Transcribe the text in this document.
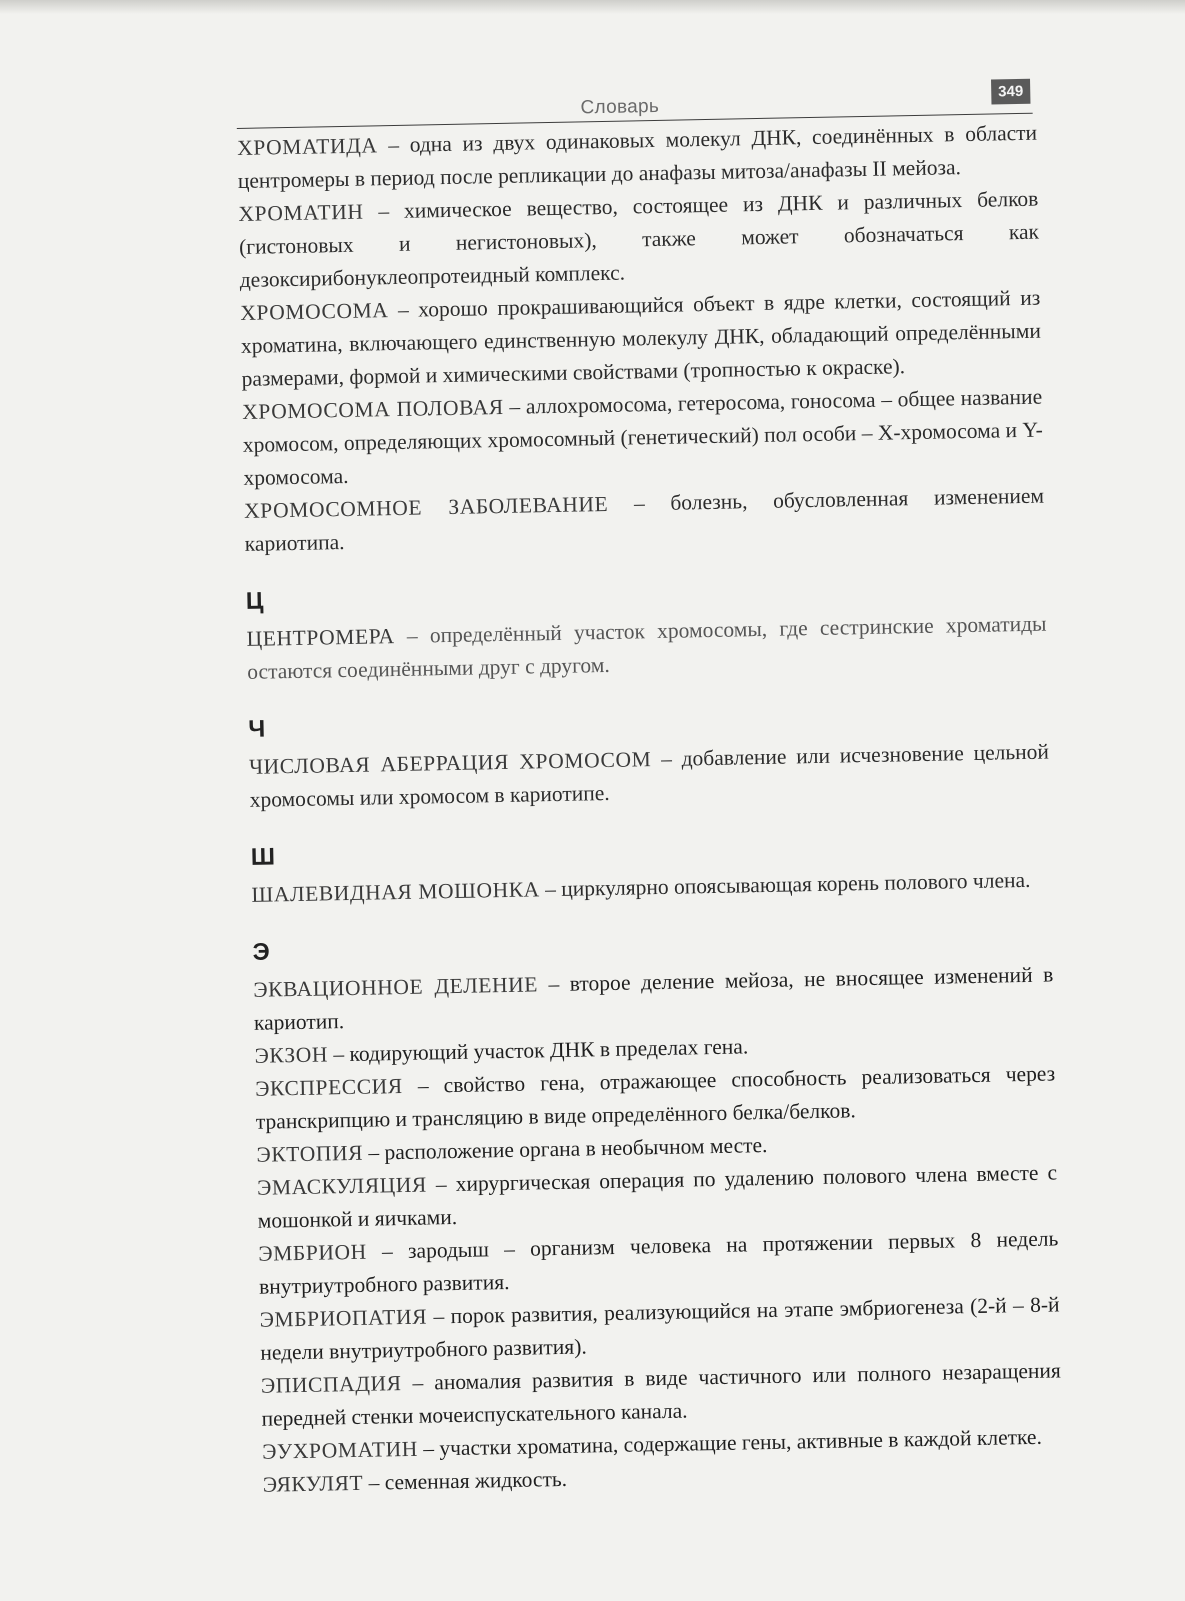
Словарь
349

ХРОМАТИДА – одна из двух одинаковых молекул ДНК, соединённых в области центромеры в период после репликации до анафазы митоза/анафазы II мейоза.

ХРОМАТИН – химическое вещество, состоящее из ДНК и различных белков (гистоновых и негистоновых), также может обозначаться как дезоксирибонуклеопротеидный комплекс.

ХРОМОСОМА – хорошо прокрашивающийся объект в ядре клетки, состоящий из хроматина, включающего единственную молекулу ДНК, обладающий определёнными размерами, формой и химическими свойствами (тропностью к окраске).

ХРОМОСОМА ПОЛОВАЯ – аллохромосома, гетеросома, гоносома – общее название хромосом, определяющих хромосомный (генетический) пол особи – X-хромосома и Y-хромосома.

ХРОМОСОМНОЕ ЗАБОЛЕВАНИЕ – болезнь, обусловленная изменением кариотипа.

Ц

ЦЕНТРОМЕРА – определённый участок хромосомы, где сестринские хроматиды остаются соединёнными друг с другом.

Ч

ЧИСЛОВАЯ АБЕРРАЦИЯ ХРОМОСОМ – добавление или исчезновение цельной хромосомы или хромосом в кариотипе.

Ш

ШАЛЕВИДНАЯ МОШОНКА – циркулярно опоясывающая корень полового члена.

Э

ЭКВАЦИОННОЕ ДЕЛЕНИЕ – второе деление мейоза, не вносящее изменений в кариотип.

ЭКЗОН – кодирующий участок ДНК в пределах гена.

ЭКСПРЕССИЯ – свойство гена, отражающее способность реализоваться через транскрипцию и трансляцию в виде определённого белка/белков.

ЭКТОПИЯ – расположение органа в необычном месте.

ЭМАСКУЛЯЦИЯ – хирургическая операция по удалению полового члена вместе с мошонкой и яичками.

ЭМБРИОН – зародыш – организм человека на протяжении первых 8 недель внутриутробного развития.

ЭМБРИОПАТИЯ – порок развития, реализующийся на этапе эмбриогенеза (2-й – 8-й недели внутриутробного развития).

ЭПИСПАДИЯ – аномалия развития в виде частичного или полного незаращения передней стенки мочеиспускательного канала.

ЭУХРОМАТИН – участки хроматина, содержащие гены, активные в каждой клетке.

ЭЯКУЛЯТ – семенная жидкость.
